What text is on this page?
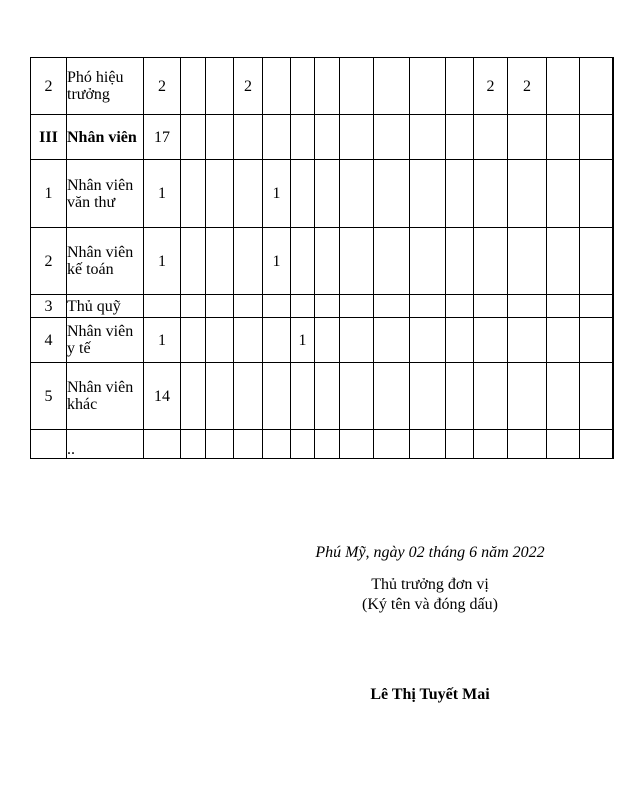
2	Phó hiệu trưởng	2			2								2	2			
III	Nhân viên	17															
1	Nhân viên văn thư	1				1											
2	Nhân viên kế toán	1				1											
3	Thủ quỹ																
4	Nhân viên y tế	1					1										
5	Nhân viên khác	14															
	..																
Phú Mỹ, ngày 02 tháng 6 năm 2022
Thủ trưởng đơn vị
(Ký tên và đóng dấu)
Lê Thị Tuyết Mai
